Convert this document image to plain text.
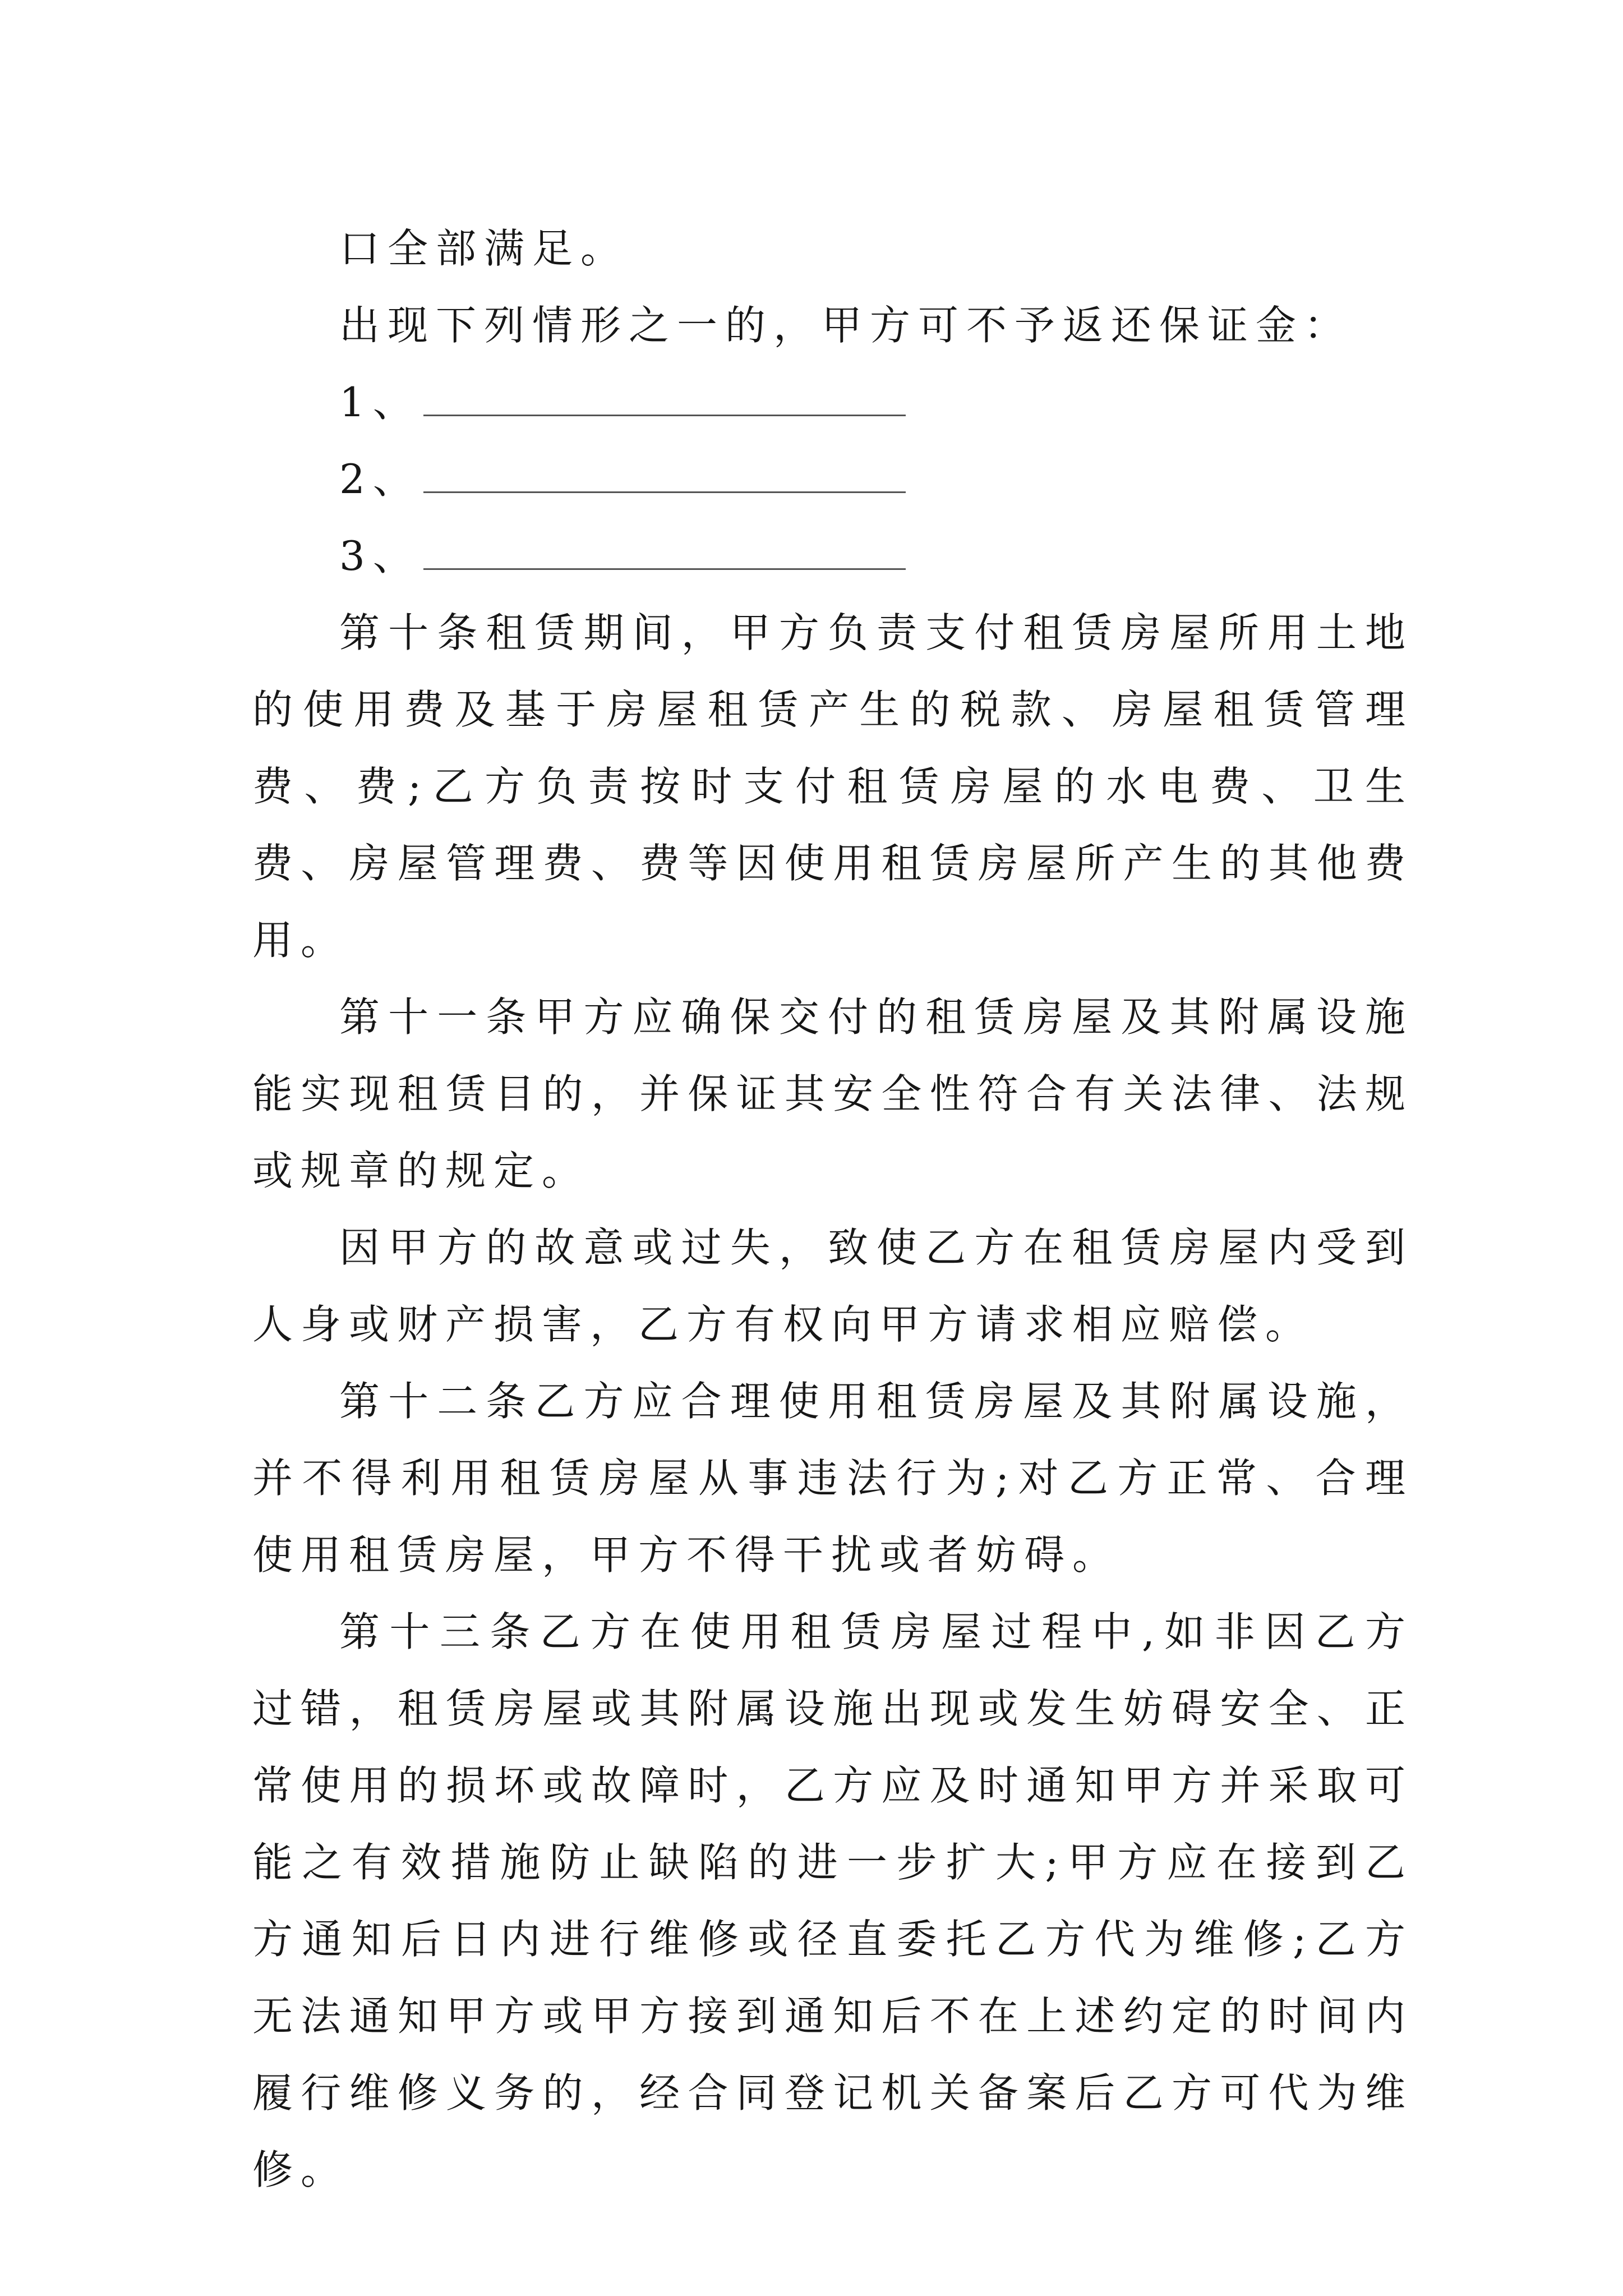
口全部满足。

出现下列情形之一的，甲方可不予返还保证金：

1、

2、

3、

第十条租赁期间，甲方负责支付租赁房屋所用土地的使用费及基于房屋租赁产生的税款、房屋租赁管理费、费;乙方负责按时支付租赁房屋的水电费、卫生费、房屋管理费、费等因使用租赁房屋所产生的其他费用。

第十一条甲方应确保交付的租赁房屋及其附属设施能实现租赁目的，并保证其安全性符合有关法律、法规或规章的规定。

因甲方的故意或过失，致使乙方在租赁房屋内受到人身或财产损害，乙方有权向甲方请求相应赔偿。

第十二条乙方应合理使用租赁房屋及其附属设施，并不得利用租赁房屋从事违法行为;对乙方正常、合理使用租赁房屋，甲方不得干扰或者妨碍。

第十三条乙方在使用租赁房屋过程中,如非因乙方过错，租赁房屋或其附属设施出现或发生妨碍安全、正常使用的损坏或故障时，乙方应及时通知甲方并采取可能之有效措施防止缺陷的进一步扩大;甲方应在接到乙方通知后日内进行维修或径直委托乙方代为维修;乙方无法通知甲方或甲方接到通知后不在上述约定的时间内履行维修义务的，经合同登记机关备案后乙方可代为维修。
